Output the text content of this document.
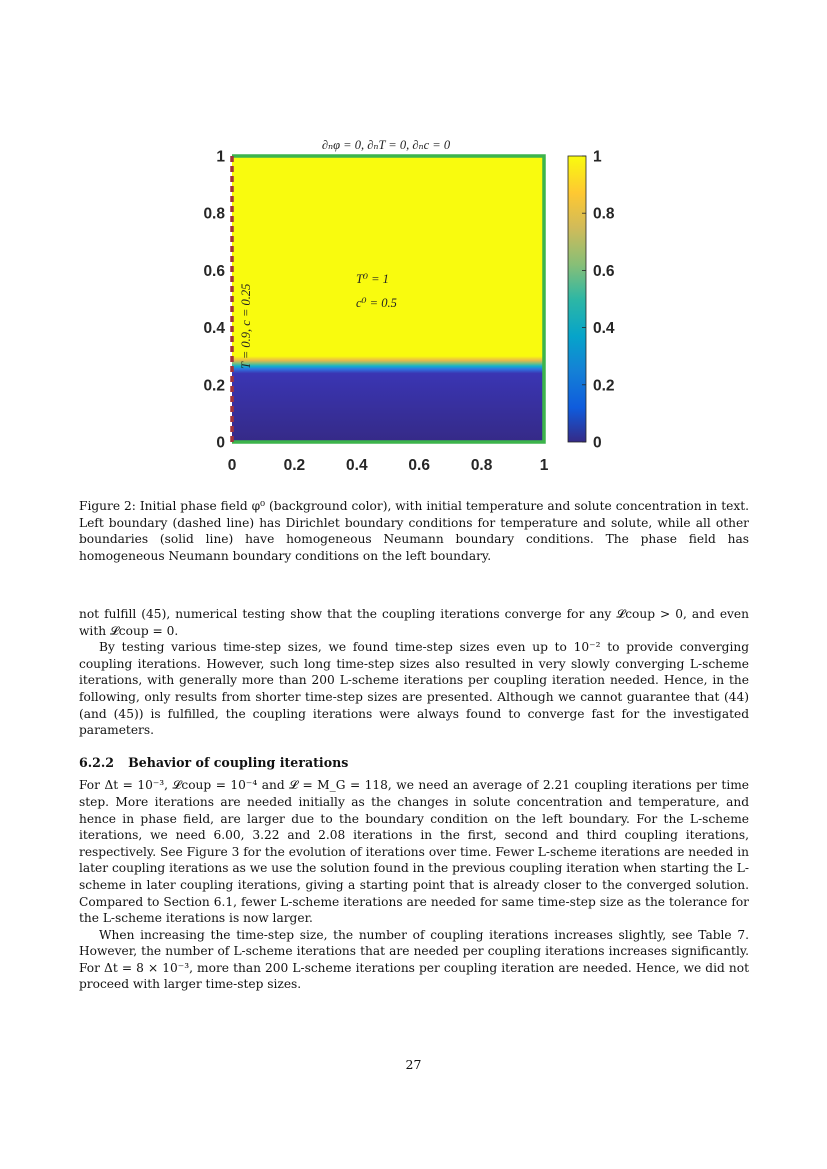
∂ₙφ = 0, ∂ₙT = 0, ∂ₙc = 0
T⁰ = 1
c⁰ = 0.5
T = 0.9, c = 0.25
0
0.2
0.4
0.6
0.8
1
0	0.2	0.4	0.6	0.8	1
0
0.2
0.4
0.6
0.8
1
Figure 2: Initial phase field φ⁰ (background color), with initial temperature and solute concentration in text. Left boundary (dashed line) has Dirichlet boundary conditions for temperature and solute, while all other boundaries (solid line) have homogeneous Neumann boundary conditions. The phase field has homogeneous Neumann boundary conditions on the left boundary.

not fulfill (45), numerical testing show that the coupling iterations converge for any 𝓛coup > 0, and even with 𝓛coup = 0.

By testing various time-step sizes, we found time-step sizes even up to 10⁻² to provide converging coupling iterations. However, such long time-step sizes also resulted in very slowly converging L-scheme iterations, with generally more than 200 L-scheme iterations per coupling iteration needed. Hence, in the following, only results from shorter time-step sizes are presented. Although we cannot guarantee that (44) (and (45)) is fulfilled, the coupling iterations were always found to converge fast for the investigated parameters.

6.2.2 Behavior of coupling iterations

For Δt = 10⁻³, 𝓛coup = 10⁻⁴ and 𝓛 = M_G = 118, we need an average of 2.21 coupling iterations per time step. More iterations are needed initially as the changes in solute concentration and temperature, and hence in phase field, are larger due to the boundary condition on the left boundary. For the L-scheme iterations, we need 6.00, 3.22 and 2.08 iterations in the first, second and third coupling iterations, respectively. See Figure 3 for the evolution of iterations over time. Fewer L-scheme iterations are needed in later coupling iterations as we use the solution found in the previous coupling iteration when starting the L-scheme in later coupling iterations, giving a starting point that is already closer to the converged solution. Compared to Section 6.1, fewer L-scheme iterations are needed for same time-step size as the tolerance for the L-scheme iterations is now larger.

When increasing the time-step size, the number of coupling iterations increases slightly, see Table 7. However, the number of L-scheme iterations that are needed per coupling iterations increases significantly. For Δt = 8 × 10⁻³, more than 200 L-scheme iterations per coupling iteration are needed. Hence, we did not proceed with larger time-step sizes.

27
